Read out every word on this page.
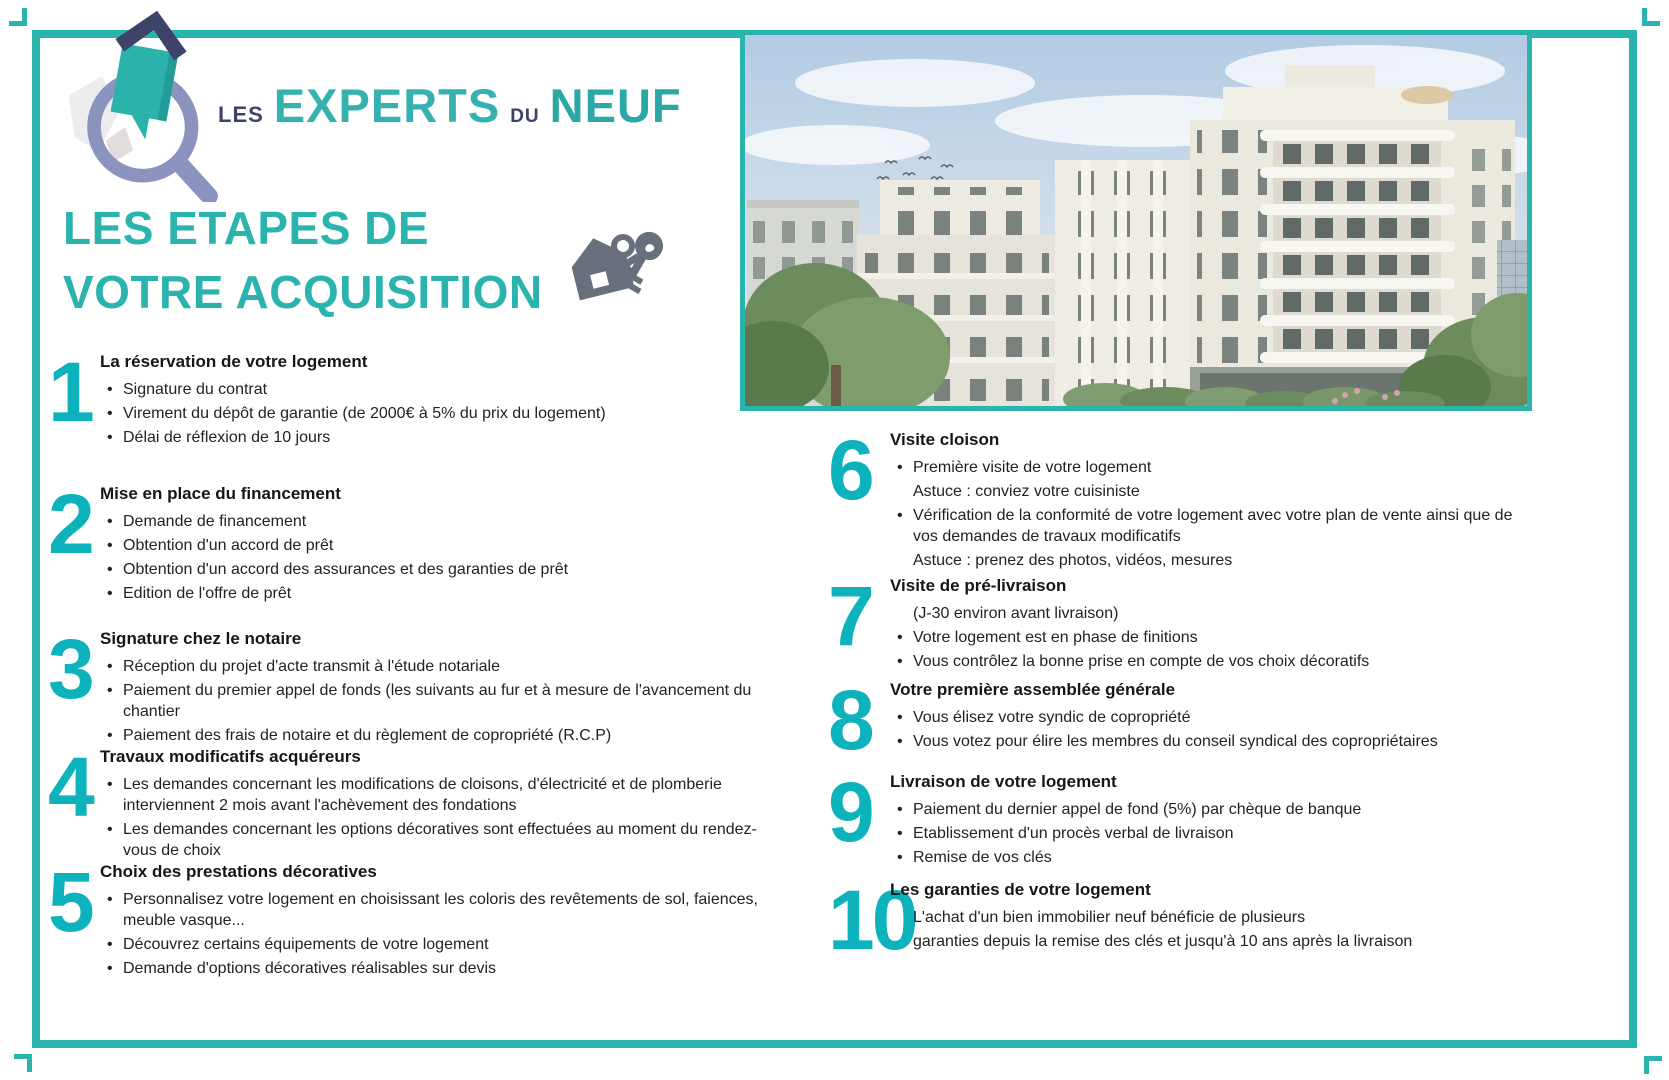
LES EXPERTS DU NEUF
LES ETAPES DE
VOTRE ACQUISITION
1 La réservation de votre logement
• Signature du contrat
• Virement du dépôt de garantie (de 2000€ à 5% du prix du logement)
• Délai de réflexion de 10 jours
2 Mise en place du financement
• Demande de financement
• Obtention d'un accord de prêt
• Obtention d'un accord des assurances et des garanties de prêt
• Edition de l'offre de prêt
3 Signature chez le notaire
• Réception du projet d'acte transmit à l'étude notariale
• Paiement du premier appel de fonds (les suivants au fur et à mesure de l'avancement du chantier
• Paiement des frais de notaire et du règlement de copropriété (R.C.P)
4 Travaux modificatifs acquéreurs
• Les demandes concernant les modifications de cloisons, d'électricité et de plomberie interviennent 2 mois avant l'achèvement des fondations
• Les demandes concernant les options décoratives sont effectuées au moment du rendez-vous de choix
5 Choix des prestations décoratives
• Personnalisez votre logement en choisissant les coloris des revêtements de sol, faiences, meuble vasque...
• Découvrez certains équipements de votre logement
• Demande d'options décoratives réalisables sur devis
6	Visite cloison
• Première visite de votre logement
Astuce : conviez votre cuisiniste
• Vérification de la conformité de votre logement avec votre plan de vente ainsi que de vos demandes de travaux modificatifs
Astuce : prenez des photos, vidéos, mesures
7	Visite de pré-livraison
(J-30 environ avant livraison)
• Votre logement est en phase de finitions
• Vous contrôlez la bonne prise en compte de vos choix décoratifs
8	Votre première assemblée générale
• Vous élisez votre syndic de copropriété
• Vous votez pour élire les membres du conseil syndical des copropriétaires
9	Livraison de votre logement
• Paiement du dernier appel de fond (5%) par chèque de banque
• Etablissement d'un procès verbal de livraison
• Remise de vos clés
10
Les garanties de votre logement
L'achat d'un bien immobilier neuf bénéficie de plusieurs
garanties depuis la remise des clés et jusqu'à 10 ans après la livraison
